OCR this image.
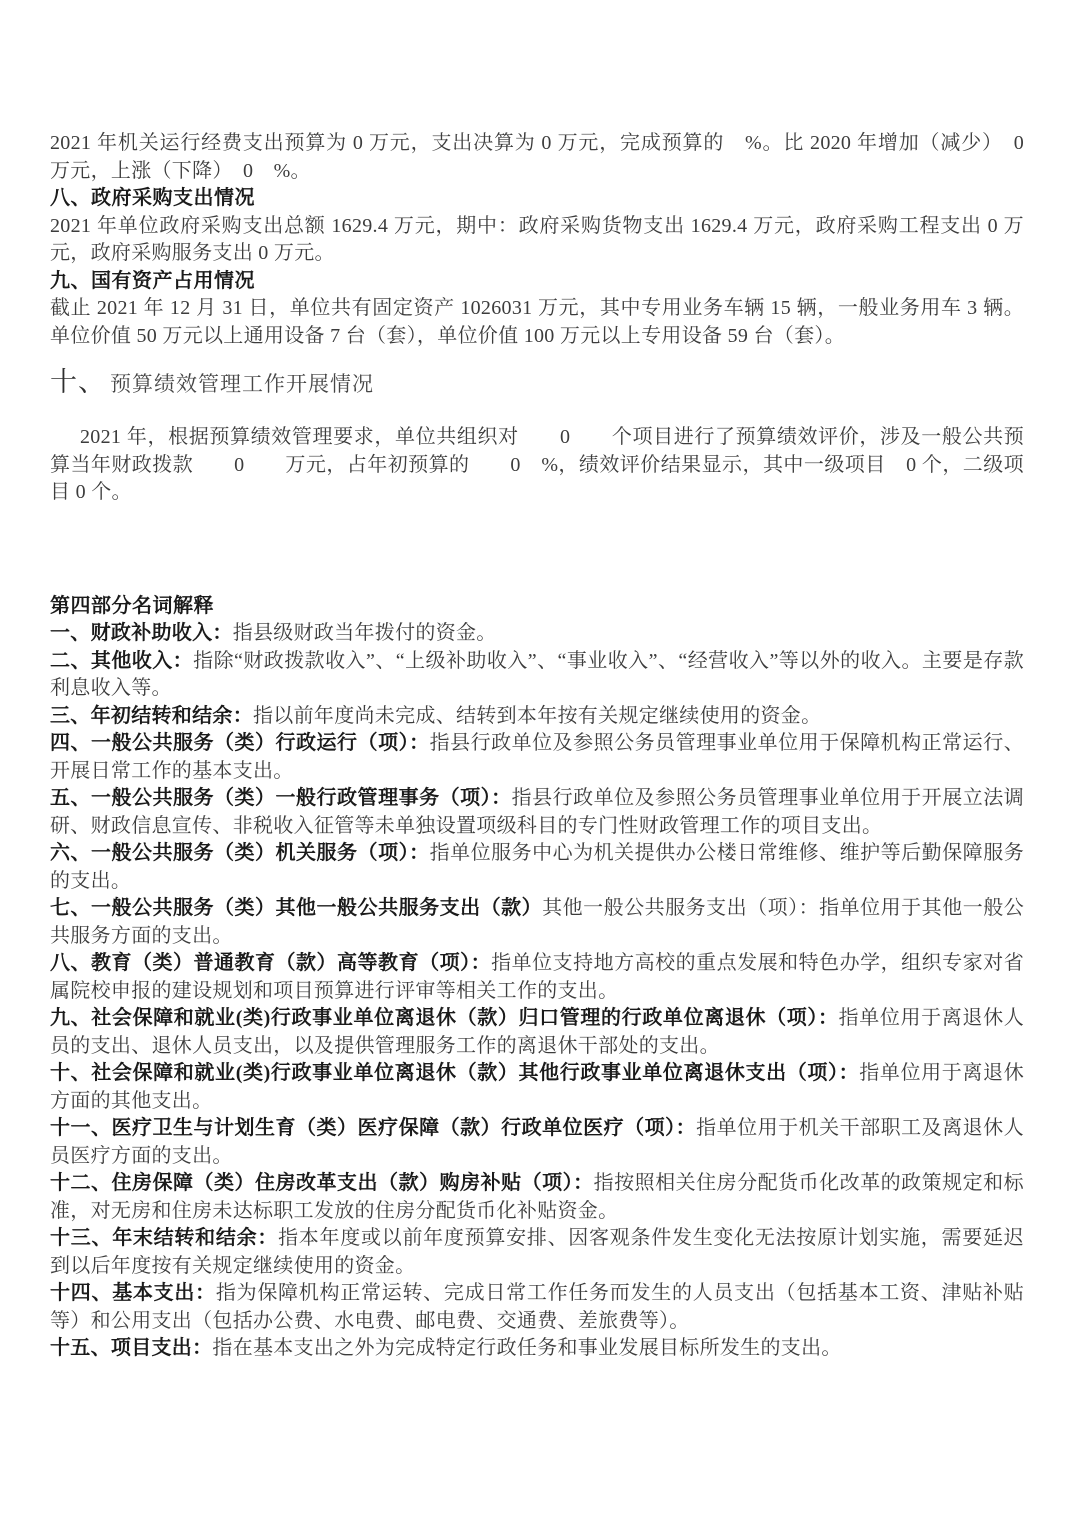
2021 年机关运行经费支出预算为 0 万元，支出决算为 0 万元，完成预算的　%。比 2020 年增加（减少）　0　万元，上涨（下降）　0　%。

八、政府采购支出情况

2021 年单位政府采购支出总额 1629.4 万元，期中：政府采购货物支出 1629.4 万元，政府采购工程支出 0 万元，政府采购服务支出 0 万元。

九、国有资产占用情况

截止 2021 年 12 月 31 日，单位共有固定资产 1026031 万元，其中专用业务车辆 15 辆，一般业务用车 3 辆。单位价值 50 万元以上通用设备 7 台（套），单位价值 100 万元以上专用设备 59 台（套）。

十、 预算绩效管理工作开展情况

2021 年，根据预算绩效管理要求，单位共组织对　　0　　个项目进行了预算绩效评价，涉及一般公共预算当年财政拨款　　0　　万元，占年初预算的　　0　%，绩效评价结果显示，其中一级项目　0 个，二级项目 0 个。

第四部分名词解释

一、财政补助收入：指县级财政当年拨付的资金。

二、其他收入：指除“财政拨款收入”、“上级补助收入”、“事业收入”、“经营收入”等以外的收入。主要是存款利息收入等。

三、年初结转和结余：指以前年度尚未完成、结转到本年按有关规定继续使用的资金。

四、一般公共服务（类）行政运行（项）：指县行政单位及参照公务员管理事业单位用于保障机构正常运行、开展日常工作的基本支出。

五、一般公共服务（类）一般行政管理事务（项）：指县行政单位及参照公务员管理事业单位用于开展立法调研、财政信息宣传、非税收入征管等未单独设置项级科目的专门性财政管理工作的项目支出。

六、一般公共服务（类）机关服务（项）：指单位服务中心为机关提供办公楼日常维修、维护等后勤保障服务的支出。

七、一般公共服务（类）其他一般公共服务支出（款）其他一般公共服务支出（项）：指单位用于其他一般公共服务方面的支出。

八、教育（类）普通教育（款）高等教育（项）：指单位支持地方高校的重点发展和特色办学，组织专家对省属院校申报的建设规划和项目预算进行评审等相关工作的支出。

九、社会保障和就业(类)行政事业单位离退休（款）归口管理的行政单位离退休（项）：指单位用于离退休人员的支出、退休人员支出，以及提供管理服务工作的离退休干部处的支出。

十、社会保障和就业(类)行政事业单位离退休（款）其他行政事业单位离退休支出（项）：指单位用于离退休方面的其他支出。

十一、医疗卫生与计划生育（类）医疗保障（款）行政单位医疗（项）：指单位用于机关干部职工及离退休人员医疗方面的支出。

十二、住房保障（类）住房改革支出（款）购房补贴（项）：指按照相关住房分配货币化改革的政策规定和标准，对无房和住房未达标职工发放的住房分配货币化补贴资金。

十三、年末结转和结余：指本年度或以前年度预算安排、因客观条件发生变化无法按原计划实施，需要延迟到以后年度按有关规定继续使用的资金。

十四、基本支出：指为保障机构正常运转、完成日常工作任务而发生的人员支出（包括基本工资、津贴补贴等）和公用支出（包括办公费、水电费、邮电费、交通费、差旅费等）。

十五、项目支出：指在基本支出之外为完成特定行政任务和事业发展目标所发生的支出。
